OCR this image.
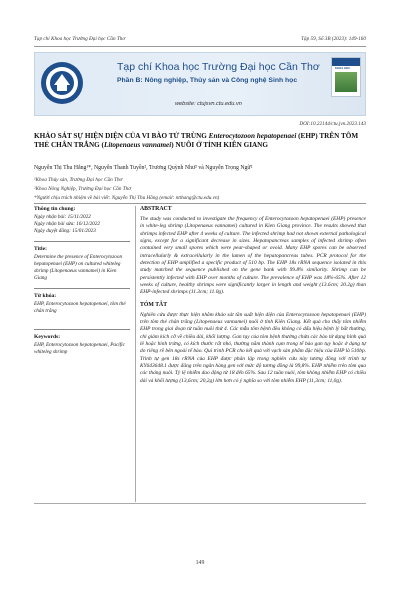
Tạp chí Khoa học Trường Đại học Cần Thơ	Tập 59, Số 3B (2023): 149-160
Tạp chí Khoa học Trường Đại học Cần Thơ
Phần B: Nông nghiệp, Thủy sản và Công nghệ Sinh học
website: ctujsvn.ctu.edu.vn
KHOA HỌC
DOI:10.22144/ctu.jvn.2023.143
KHẢO SÁT SỰ HIỆN DIỆN CỦA VI BÀO TỬ TRÙNG Enterocytozoon hepatopenaei (EHP) TRÊN TÔM THẺ CHÂN TRẮNG (Litopenaeus vannamei) NUÔI Ở TỈNH KIÊN GIANG
Nguyễn Thị Thu Hằng¹*, Nguyễn Thanh Tuyền², Trương Quỳnh Như² và Nguyễn Trọng Ngữ²
¹Khoa Thủy sản, Trường Đại học Cần Thơ
²Khoa Nông Nghiệp, Trường Đại học Cần Thơ
*Người chịu trách nhiệm về bài viết: Nguyễn Thị Thu Hằng (email: ntthang@ctu.edu.vn)
Thông tin chung:
Ngày nhận bài: 15/11/2022
Ngày nhận bài sửa: 16/12/2022
Ngày duyệt đăng: 15/01/2023
Title:
Determine the presence of Enterocytozoon hepatopenaei (EHP) on cultured whiteleg shrimp (Litopenaeus vannamei) in Kien Giang
Từ khóa:
EHP, Enterocytozoon hepatopenaei, tôm thẻ chân trắng
Keywords:
EHP, Enterocytozoon hepatopenaei, Pacific whiteleg shrimp
ABSTRACT
The study was conducted to investigate the frequency of Enterocytozoon hepatopenaei (EHP) presence in white-leg shrimp (Litopenaeus vannamei) cultured in Kien Giang province. The results showed that shrimps infected EHP after 4 weeks of culture. The infected shrimp had not shown external pathological signs, except for a significant decrease in sizes. Hepatopancreas samples of infected shrimp often contained very small spores which were pear-shaped or ovoid. Many EHP spores can be observed intracellularly & extracellularly in the lumen of the hepatopancreas tubes. PCR protocol for the detection of EHP amplified a specific product of 510 bp. The EHP 18s rRNA sequence isolated in this study matched the sequence published on the gene bank with 99.8% similarity. Shrimp can be persistently infected with EHP over months of culture. The prevalence of EHP was 18%-65%. After 12 weeks of culture, healthy shrimps were significantly larger in length and weight (13.6cm; 20.2g) than EHP-infected shrimps (11.3cm; 11.0g).
TÓM TẮT
Nghiên cứu được thực hiện nhằm khảo sát tần suất hiện diện của Enterocytozoon hepatopenaei (EHP) trên tôm thẻ chân trắng (Litopenaeus vannamei) nuôi ở tỉnh Kiên Giang. Kết quả cho thấy tôm nhiễm EHP trong giai đoạn từ tuần nuôi thứ 4. Các mẫu tôm bệnh đều không có dấu hiệu bệnh lý bất thường, chỉ giảm kích cỡ về chiều dài, khối lượng. Gan tụy của tôm bệnh thường chứa các bào tử dạng hình quả lê hoặc hình trứng, có kích thước rất nhỏ, thường nằm thành cụm trong tế bào gan tụy hoặc ở dạng tự do riêng rẽ bên ngoài tế bào. Qui trình PCR cho kết quả với vạch sản phẩm đặc hiệu của EHP là 510bp. Trình tự gen 18s rRNA của EHP được phân lập trong nghiên cứu này tương đồng với trình tự KY643648.1 được đăng trên ngân hàng gen với mức độ tương đồng là 99,8%. EHP nhiễm trên tôm qua các tháng nuôi. Tỷ lệ nhiễm dao động từ 18 đến 65%. Sau 12 tuần nuôi, tôm không nhiễm EHP có chiều dài và khối lượng (13,6cm; 20,2g) lớn hơn có ý nghĩa so với tôm nhiễm EHP (11,3cm; 11,0g).
149
